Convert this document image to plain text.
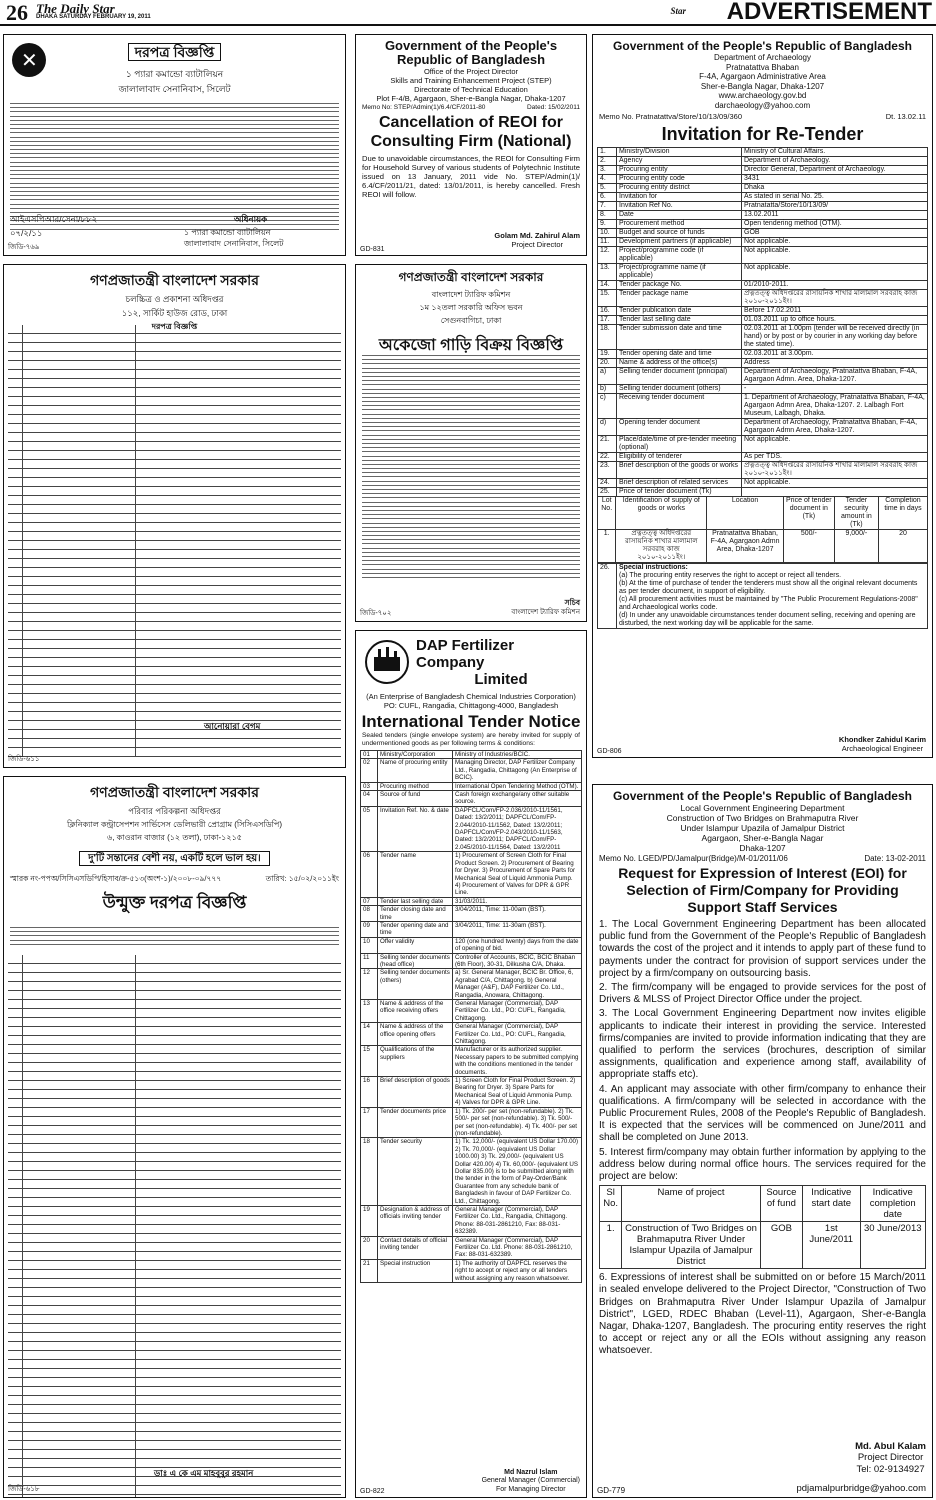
26 The Daily Star
DHAKA SATURDAY FEBRUARY 19, 2011
Star ADVERTISEMENT
✕
দরপত্র বিজ্ঞপ্তি
১ প্যারা কমান্ডো ব্যাটালিয়ন
জালালাবাদ সেনানিবাস, সিলেট
আইএসপিআর/সেনা/৮৮২
০৭/২/১১
অধিনায়ক
১ প্যারা কমান্ডো ব্যাটালিয়ন
জালালাবাদ সেনানিবাস, সিলেট
জিডি-৭৬৯
Government of the People's
Republic of Bangladesh
Office of the Project Director
Skills and Training Enhancement Project (STEP)
Directorate of Technical Education
Plot F-4/B, Agargaon, Sher-e-Bangla Nagar, Dhaka-1207
Memo No: STEP/Admin(1)/6.4/CF/2011-80	Dated: 15/02/2011
Cancellation of REOI for
Consulting Firm (National)
Due to unavoidable circumstances, the REOI for Consulting Firm for Household Survey of various students of Polytechnic Institute issued on 13 January, 2011 vide No. STEP/Admin(1)/ 6.4/CF/2011/21, dated: 13/01/2011, is hereby cancelled. Fresh REOI will follow.
Golam Md. Zahirul Alam
Project Director
GD-831
Government of the People's Republic of Bangladesh
Department of Archaeology
Pratnatattva Bhaban
F-4A, Agargaon Administrative Area
Sher-e-Bangla Nagar, Dhaka-1207
www.archaeology.gov.bd
darchaeology@yahoo.com
Memo No. Pratnatattva/Store/10/13/09/360	Dt. 13.02.11
Invitation for Re-Tender
1.	Ministry/Division	Ministry of Cultural Affairs.
2.	Agency	Department of Archaeology.
3.	Procuring entity	Director General, Department of Archaeology.
4.	Procuring entity code	3431
5.	Procuring entity district	Dhaka
6.	Invitation for	As stated in serial No. 25.
7.	Invitation Ref No.	Pratnatatta/Store/10/13/09/
8.	Date	13.02.2011
9.	Procurement method	Open tendering method (OTM).
10.	Budget and source of funds	GOB
11.	Development partners (if applicable)	Not applicable.
12.	Project/programme code (if applicable)	Not applicable.
13.	Project/programme name (if applicable)	Not applicable.
14.	Tender package No.	01/2010-2011.
15.	Tender package name	প্রত্নতত্ত্ব অধিদপ্তরের রাসায়নিক শাখার মালামাল সরবরাহ কাজ ২০১০-২০১১ইং।
16.	Tender publication date	Before 17.02.2011
17.	Tender last selling date	01.03.2011 up to office hours.
18.	Tender submission date and time	02.03.2011 at 1.00pm (tender will be received directly (in hand) or by post or by courier in any working day before the stated time).
19.	Tender opening date and time	02.03.2011 at 3.00pm.
20.	Name & address of the office(s)	Address
a)	Selling tender document (principal)	Department of Archaeology, Pratnatattva Bhaban, F-4A, Agargaon Admn. Area, Dhaka-1207.
b)	Selling tender document (others)	-
c)	Receiving tender document	1. Department of Archaeology, Pratnatattva Bhaban, F-4A, Agargaon Admn Area, Dhaka-1207. 2. Lalbagh Fort Museum, Lalbagh, Dhaka.
d)	Opening tender document	Department of Archaeology, Pratnatattva Bhaban, F-4A, Agargaon Admn Area, Dhaka-1207.
21.	Place/date/time of pre-tender meeting (optional)	Not applicable.
22.	Eligibility of tenderer	As per TDS.
23.	Brief description of the goods or works	প্রত্নতত্ত্ব অধিদপ্তরের রাসায়নিক শাখার মালামাল সরবরাহ কাজ ২০১০-২০১১ইং।
24.	Brief description of related services	Not applicable.
25.	Price of tender document (Tk)	
Lot No.	Identification of supply of goods or works	Location	Price of tender document in (Tk)	Tender security amount in (Tk)	Completion time in days
1.	প্রত্নতত্ত্ব অধিদপ্তরের রাসায়নিক শাখার মালামাল সরবরাহ কাজ ২০১০-২০১১ইং।	Pratnatattva Bhaban, F-4A, Agargaon Admn Area, Dhaka-1207	500/-	9,000/-	20
26.	Special instructions:
(a) The procuring entity reserves the right to accept or reject all tenders.
(b) At the time of purchase of tender the tenderers must show all the original relevant documents as per tender document, in support of eligibility.
(c) All procurement activities must be maintained by "The Public Procurement Regulations-2008" and Archaeological works code.
(d) In under any unavoidable circumstances tender document selling, receiving and opening are disturbed, the next working day will be applicable for the same.
Khondker Zahidul Karim
Archaeological Engineer
GD-806
গণপ্রজাতন্ত্রী বাংলাদেশ সরকার
চলচ্চিত্র ও প্রকাশনা অধিদপ্তর
১১২, সার্কিট হাউজ রোড, ঢাকা
দরপত্র বিজ্ঞপ্তি
আনোয়ারা বেগম
জিডি-৬১১
গণপ্রজাতন্ত্রী বাংলাদেশ সরকার
বাংলাদেশ ট্যারিফ কমিশন
১ম ১২তলা সরকারি অফিস ভবন
সেগুনবাগিচা, ঢাকা
অকেজো গাড়ি বিক্রয় বিজ্ঞপ্তি
সচিব
বাংলাদেশ ট্যারিফ কমিশন
জিডি-৭০২
DAP Fertilizer Company
Limited
(An Enterprise of Bangladesh Chemical Industries Corporation)
PO: CUFL, Rangadia, Chittagong-4000, Bangladesh
International Tender Notice
Sealed tenders (single envelope system) are hereby invited for supply of undermentioned goods as per following terms & conditions:
01	Ministry/Corporation	Ministry of Industries/BCIC.
02	Name of procuring entity	Managing Director, DAP Fertilizer Company Ltd., Rangadia, Chittagong (An Enterprise of BCIC).
03	Procuring method	International Open Tendering Method (OTM).
04	Source of fund	Cash foreign exchange/any other suitable source.
05	Invitation Ref. No. & date	DAPFCL/Com/FP-2.036/2010-11/1561, Dated: 13/2/2011; DAPFCL/Com/FP-2.044/2010-11/1562, Dated: 13/2/2011; DAPFCL/Com/FP-2.043/2010-11/1563, Dated: 13/2/2011; DAPFCL/Com/FP-2.045/2010-11/1564, Dated: 13/2/2011
06	Tender name	1) Procurement of Screen Cloth for Final Product Screen. 2) Procurement of Bearing for Dryer. 3) Procurement of Spare Parts for Mechanical Seal of Liquid Ammonia Pump. 4) Procurement of Valves for DPR & GPR Line.
07	Tender last selling date	31/03/2011.
08	Tender closing date and time	3/04/2011, Time: 11-00am (BST).
09	Tender opening date and time	3/04/2011, Time: 11-30am (BST).
10	Offer validity	120 (one hundred twenty) days from the date of opening of bid.
11	Selling tender documents (head office)	Controller of Accounts, BCIC, BCIC Bhaban (6th Floor), 30-31, Dilkusha C/A, Dhaka.
12	Selling tender documents (others)	a) Sr. General Manager, BCIC Br. Office, 6, Agrabad C/A, Chittagong. b) General Manager (A&F), DAP Fertilizer Co. Ltd., Rangadia, Anowara, Chittagong.
13	Name & address of the office receiving offers	General Manager (Commercial), DAP Fertilizer Co. Ltd., PO: CUFL, Rangadia, Chittagong.
14	Name & address of the office opening offers	General Manager (Commercial), DAP Fertilizer Co. Ltd., PO: CUFL, Rangadia, Chittagong.
15	Qualifications of the suppliers	Manufacturer or its authorized supplier. Necessary papers to be submitted complying with the conditions mentioned in the tender documents.
16	Brief description of goods	1) Screen Cloth for Final Product Screen. 2) Bearing for Dryer. 3) Spare Parts for Mechanical Seal of Liquid Ammonia Pump. 4) Valves for DPR & GPR Line.
17	Tender documents price	1) Tk. 200/- per set (non-refundable). 2) Tk. 500/- per set (non-refundable). 3) Tk. 500/- per set (non-refundable). 4) Tk. 400/- per set (non-refundable).
18	Tender security	1) Tk. 12,000/- (equivalent US Dollar 170.00) 2) Tk. 70,000/- (equivalent US Dollar 1000.00) 3) Tk. 29,000/- (equivalent US Dollar 420.00) 4) Tk. 60,000/- (equivalent US Dollar 835.00) is to be submitted along with the tender in the form of Pay-Order/Bank Guarantee from any schedule bank of Bangladesh in favour of DAP Fertilizer Co. Ltd., Chittagong.
19	Designation & address of officials inviting tender	General Manager (Commercial), DAP Fertilizer Co. Ltd., Rangadia, Chittagong. Phone: 88-031-2861210, Fax: 88-031-632389.
20	Contact details of official inviting tender	General Manager (Commercial), DAP Fertilizer Co. Ltd. Phone: 88-031-2861210, Fax: 88-031-632389.
21	Special instruction	1) The authority of DAPFCL reserves the right to accept or reject any or all tenders without assigning any reason whatsoever.
Md Nazrul Islam
General Manager (Commercial)
For Managing Director
GD-822
গণপ্রজাতন্ত্রী বাংলাদেশ সরকার
পরিবার পরিকল্পনা অধিদপ্তর
ক্লিনিক্যাল কন্ট্রাসেপশন সার্ভিসেস ডেলিভারী প্রোগ্রাম (সিসিএসডিপি)
৬, কাওরান বাজার (১২ তলা), ঢাকা-১২১৫
দু'টি সন্তানের বেশী নয়, একটি হলে ভাল হয়।
স্মারক নং-পপঅ/সিসিএসডিপি/হিসাব/ক্র-৫১৩(অংশ-১)/২০০৮-০৯/৭৭৭	তারিখ: ১৫/০২/২০১১ইং
উন্মুক্ত দরপত্র বিজ্ঞপ্তি
ডাঃ এ কে এম মাহবুবুর রহমান
জিডি-৬১৮
Government of the People's Republic of Bangladesh
Local Government Engineering Department
Construction of Two Bridges on Brahmaputra River
Under Islampur Upazila of Jamalpur District
Agargaon, Sher-e-Bangla Nagar
Dhaka-1207
Memo No. LGED/PD/Jamalpur(Bridge)/M-01/2011/06	Date: 13-02-2011
Request for Expression of Interest (EOI) for Selection of Firm/Company for Providing Support Staff Services

1. The Local Government Engineering Department has been allocated public fund from the Government of the People's Republic of Bangladesh towards the cost of the project and it intends to apply part of these fund to payments under the contract for provision of support services under the project by a firm/company on outsourcing basis.

2. The firm/company will be engaged to provide services for the post of Drivers & MLSS of Project Director Office under the project.

3. The Local Government Engineering Department now invites eligible applicants to indicate their interest in providing the service. Interested firms/companies are invited to provide information indicating that they are qualified to perform the services (brochures, description of similar assignments, qualification and experience among staff, availability of appropriate staffs etc).

4. An applicant may associate with other firm/company to enhance their qualifications. A firm/company will be selected in accordance with the Public Procurement Rules, 2008 of the People's Republic of Bangladesh. It is expected that the services will be commenced on June/2011 and shall be completed on June 2013.

5. Interest firm/company may obtain further information by applying to the address below during normal office hours. The services required for the project are below:

Sl No.	Name of project	Source of fund	Indicative start date	Indicative completion date
1.	Construction of Two Bridges on Brahmaputra River Under Islampur Upazila of Jamalpur District	GOB	1st June/2011	30 June/2013

6. Expressions of interest shall be submitted on or before 15 March/2011 in sealed envelope delivered to the Project Director, "Construction of Two Bridges on Brahmaputra River Under Islampur Upazila of Jamalpur District", LGED, RDEC Bhaban (Level-11), Agargaon, Sher-e-Bangla Nagar, Dhaka-1207, Bangladesh. The procuring entity reserves the right to accept or reject any or all the EOIs without assigning any reason whatsoever.

Md. Abul Kalam
Project Director
Tel: 02-9134927
pdjamalpurbridge@yahoo.com
GD-779
